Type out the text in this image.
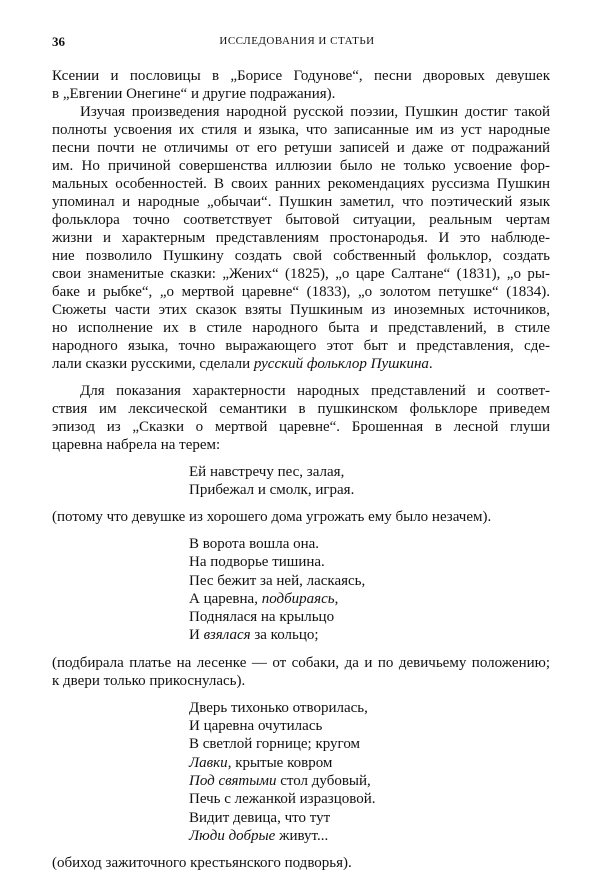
36	ИССЛЕДОВАНИЯ И СТАТЬИ
Ксении и пословицы в „Борисе Годунове“, песни дворовых девушек
в „Евгении Онегине“ и другие подражания).
Изучая произведения народной русской поэзии, Пушкин достиг такой
полноты усвоения их стиля и языка, что записанные им из уст народные
песни почти не отличимы от его ретуши записей и даже от подражаний
им. Но причиной совершенства иллюзии было не только усвоение фор-
мальных особенностей. В своих ранних рекомендациях руссизма Пушкин
упоминал и народные „обычаи“. Пушкин заметил, что поэтический язык
фольклора точно соответствует бытовой ситуации, реальным чертам
жизни и характерным представлениям простонародья. И это наблюде-
ние позволило Пушкину создать свой собственный фольклор, создать
свои знаменитые сказки: „Жених“ (1825), „о царе Салтане“ (1831), „о ры-
баке и рыбке“, „о мертвой царевне“ (1833), „о золотом петушке“ (1834).
Сюжеты части этих сказок взяты Пушкиным из иноземных источников,
но исполнение их в стиле народного быта и представлений, в стиле
народного языка, точно выражающего этот быт и представления, сде-
лали сказки русскими, сделали русский фольклор Пушкина.
Для показания характерности народных представлений и соответ-
ствия им лексической семантики в пушкинском фольклоре приведем
эпизод из „Сказки о мертвой царевне“. Брошенная в лесной глуши
царевна набрела на терем:
Ей навстречу пес, залая,
Прибежал и смолк, играя.
(потому что девушке из хорошего дома угрожать ему было незачем).
В ворота вошла она.
На подворье тишина.
Пес бежит за ней, ласкаясь,
А царевна, подбираясь,
Поднялася на крыльцо
И взялася за кольцо;
(подбирала платье на лесенке — от собаки, да и по девичьему положению;
к двери только прикоснулась).
Дверь тихонько отворилась,
И царевна очутилась
В светлой горнице; кругом
Лавки, крытые ковром
Под святыми стол дубовый,
Печь с лежанкой изразцовой.
Видит девица, что тут
Люди добрые живут...
(обиход зажиточного крестьянского подворья).
